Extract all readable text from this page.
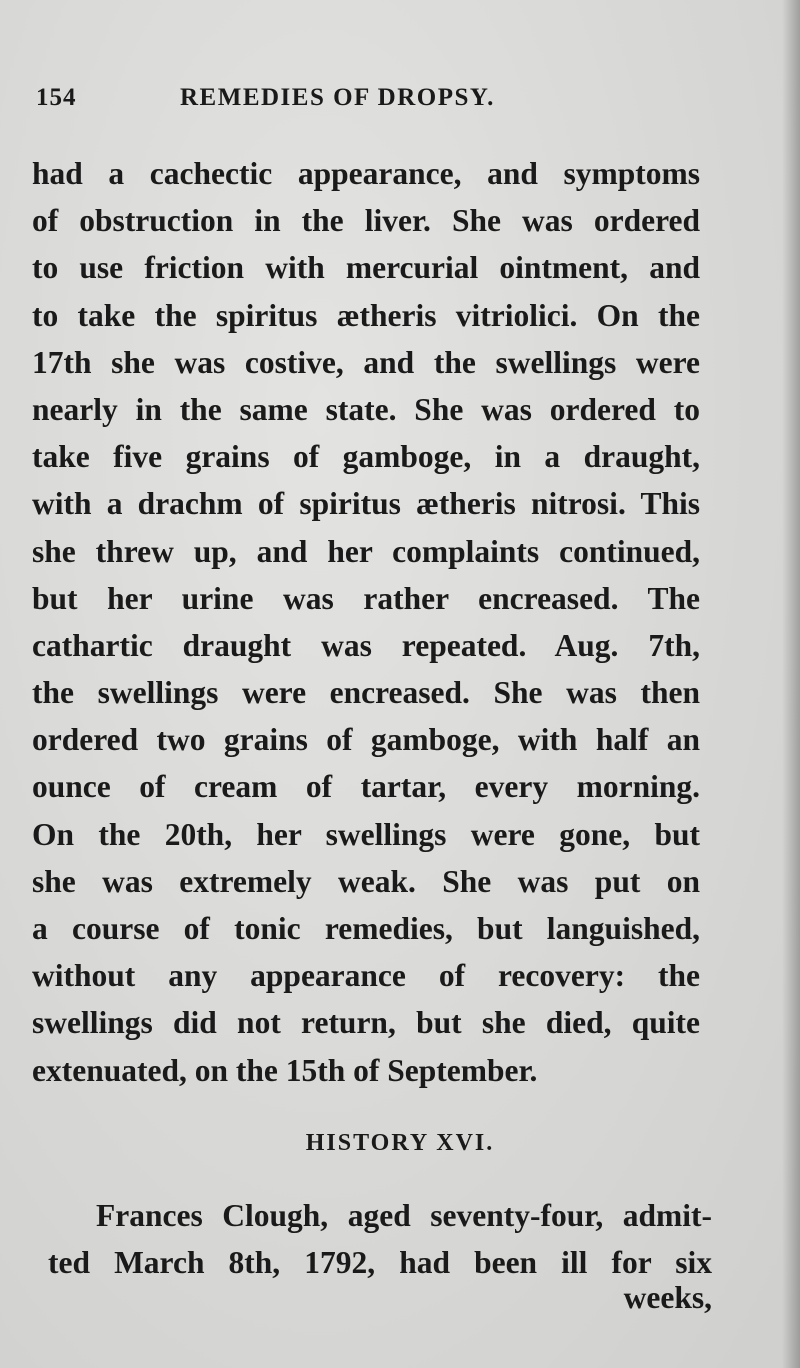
154	REMEDIES OF DROPSY.
had a cachectic appearance, and symptoms
of obstruction in the liver. She was ordered
to use friction with mercurial ointment, and
to take the spiritus ætheris vitriolici. On the
17th she was costive, and the swellings were
nearly in the same state. She was ordered to
take five grains of gamboge, in a draught,
with a drachm of spiritus ætheris nitrosi. This
she threw up, and her complaints continued,
but her urine was rather encreased. The
cathartic draught was repeated. Aug. 7th,
the swellings were encreased. She was then
ordered two grains of gamboge, with half an
ounce of cream of tartar, every morning.
On the 20th, her swellings were gone, but
she was extremely weak. She was put on
a course of tonic remedies, but languished,
without any appearance of recovery: the
swellings did not return, but she died, quite
extenuated, on the 15th of September.
HISTORY XVI.
Frances Clough, aged seventy-four, admit-
ted March 8th, 1792, had been ill for six
weeks,
